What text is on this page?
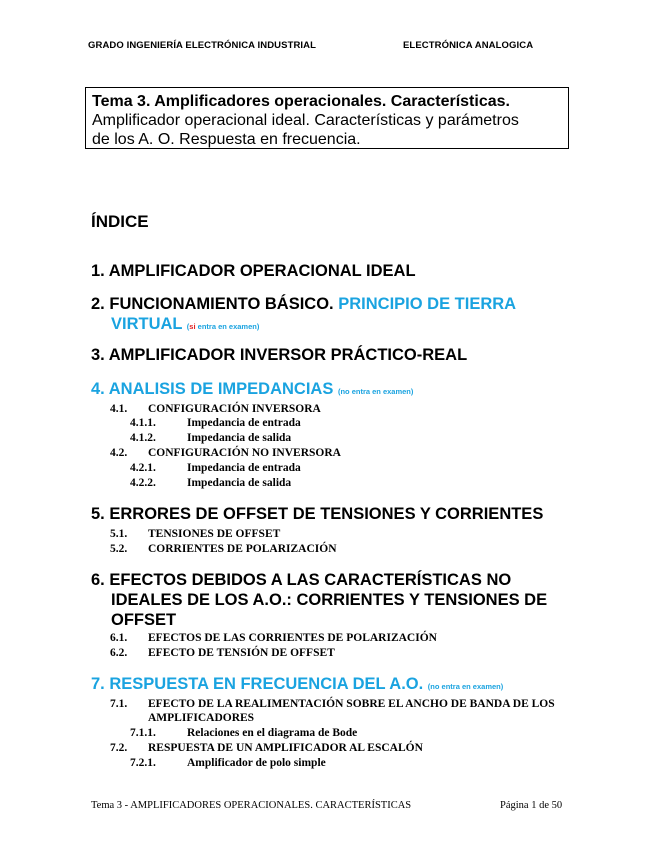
GRADO INGENIERÍA ELECTRÓNICA INDUSTRIAL	ELECTRÓNICA ANALOGICA
Tema 3. Amplificadores operacionales. Características.
Amplificador operacional ideal. Características y parámetros
de los A. O. Respuesta en frecuencia.
ÍNDICE
1. AMPLIFICADOR OPERACIONAL IDEAL
2. FUNCIONAMIENTO BÁSICO. PRINCIPIO DE TIERRA
VIRTUAL (si entra en examen)
3. AMPLIFICADOR INVERSOR PRÁCTICO-REAL
4. ANALISIS DE IMPEDANCIAS (no entra en examen)
4.1.	CONFIGURACIÓN INVERSORA
4.1.1.	Impedancia de entrada
4.1.2.	Impedancia de salida
4.2.	CONFIGURACIÓN NO INVERSORA
4.2.1.	Impedancia de entrada
4.2.2.	Impedancia de salida
5. ERRORES DE OFFSET DE TENSIONES Y CORRIENTES
5.1.	TENSIONES DE OFFSET
5.2.	CORRIENTES DE POLARIZACIÓN
6. EFECTOS DEBIDOS A LAS CARACTERÍSTICAS NO
IDEALES DE LOS A.O.: CORRIENTES Y TENSIONES DE
OFFSET
6.1.	EFECTOS DE LAS CORRIENTES DE POLARIZACIÓN
6.2.	EFECTO DE TENSIÓN DE OFFSET
7. RESPUESTA EN FRECUENCIA DEL A.O. (no entra en examen)
7.1.	EFECTO DE LA REALIMENTACIÓN SOBRE EL ANCHO DE BANDA DE LOS AMPLIFICADORES
7.1.1.	Relaciones en el diagrama de Bode
7.2.	RESPUESTA DE UN AMPLIFICADOR AL ESCALÓN
7.2.1.	Amplificador de polo simple
Tema 3 - AMPLIFICADORES OPERACIONALES. CARACTERÍSTICAS	Página 1 de 50
